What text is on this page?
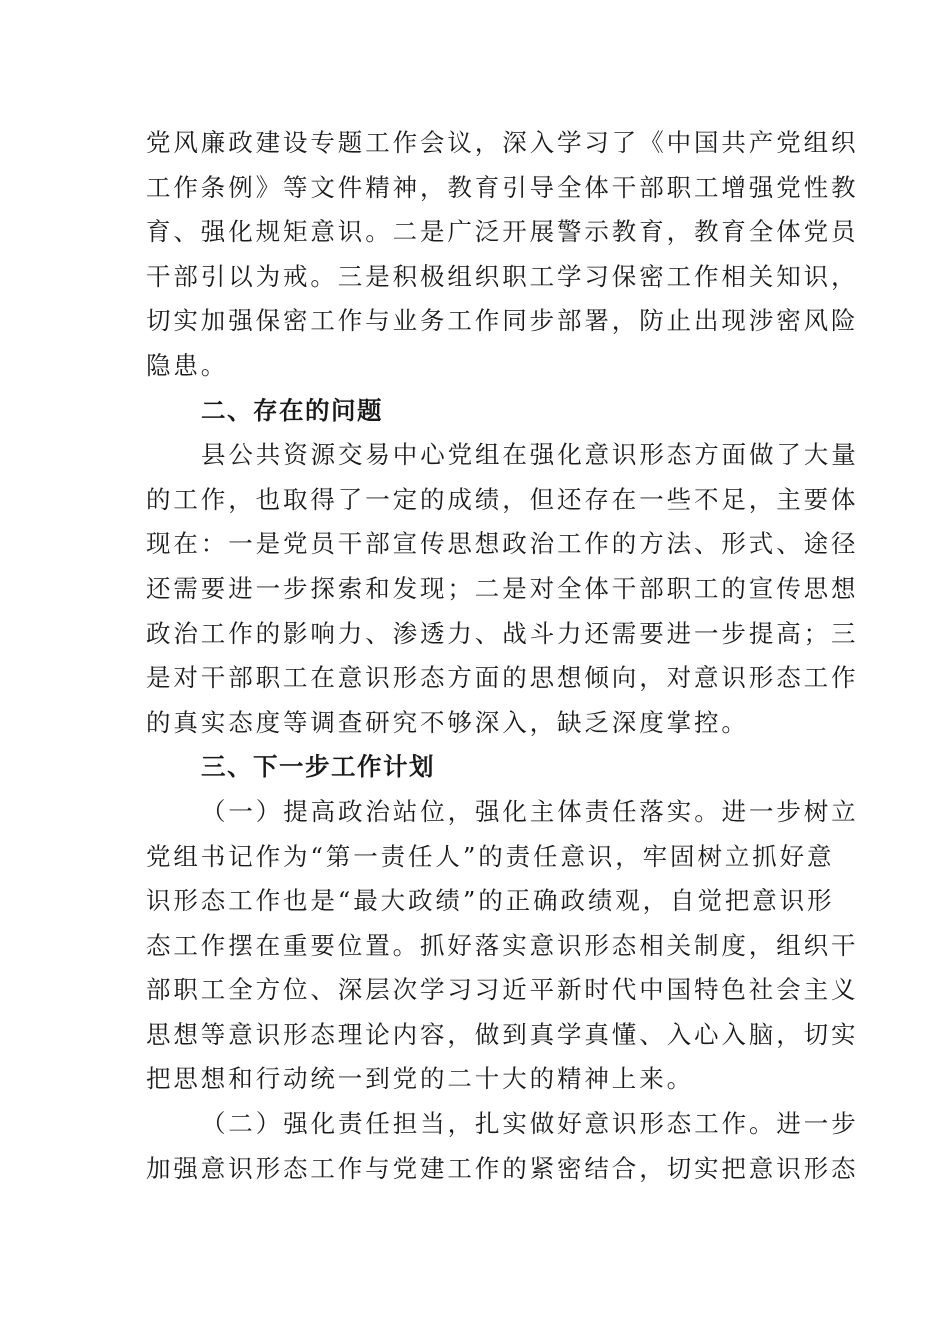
党风廉政建设专题工作会议，深入学习了《中国共产党组织
工作条例》等文件精神，教育引导全体干部职工增强党性教
育、强化规矩意识。二是广泛开展警示教育，教育全体党员
干部引以为戒。三是积极组织职工学习保密工作相关知识，
切实加强保密工作与业务工作同步部署，防止出现涉密风险
隐患。
二、存在的问题
县公共资源交易中心党组在强化意识形态方面做了大量
的工作，也取得了一定的成绩，但还存在一些不足，主要体
现在：一是党员干部宣传思想政治工作的方法、形式、途径
还需要进一步探索和发现；二是对全体干部职工的宣传思想
政治工作的影响力、渗透力、战斗力还需要进一步提高；三
是对干部职工在意识形态方面的思想倾向，对意识形态工作
的真实态度等调查研究不够深入，缺乏深度掌控。
三、下一步工作计划
（一）提高政治站位，强化主体责任落实。进一步树立
党组书记作为“第一责任人”的责任意识，牢固树立抓好意
识形态工作也是“最大政绩”的正确政绩观，自觉把意识形
态工作摆在重要位置。抓好落实意识形态相关制度，组织干
部职工全方位、深层次学习习近平新时代中国特色社会主义
思想等意识形态理论内容，做到真学真懂、入心入脑，切实
把思想和行动统一到党的二十大的精神上来。
（二）强化责任担当，扎实做好意识形态工作。进一步
加强意识形态工作与党建工作的紧密结合，切实把意识形态
